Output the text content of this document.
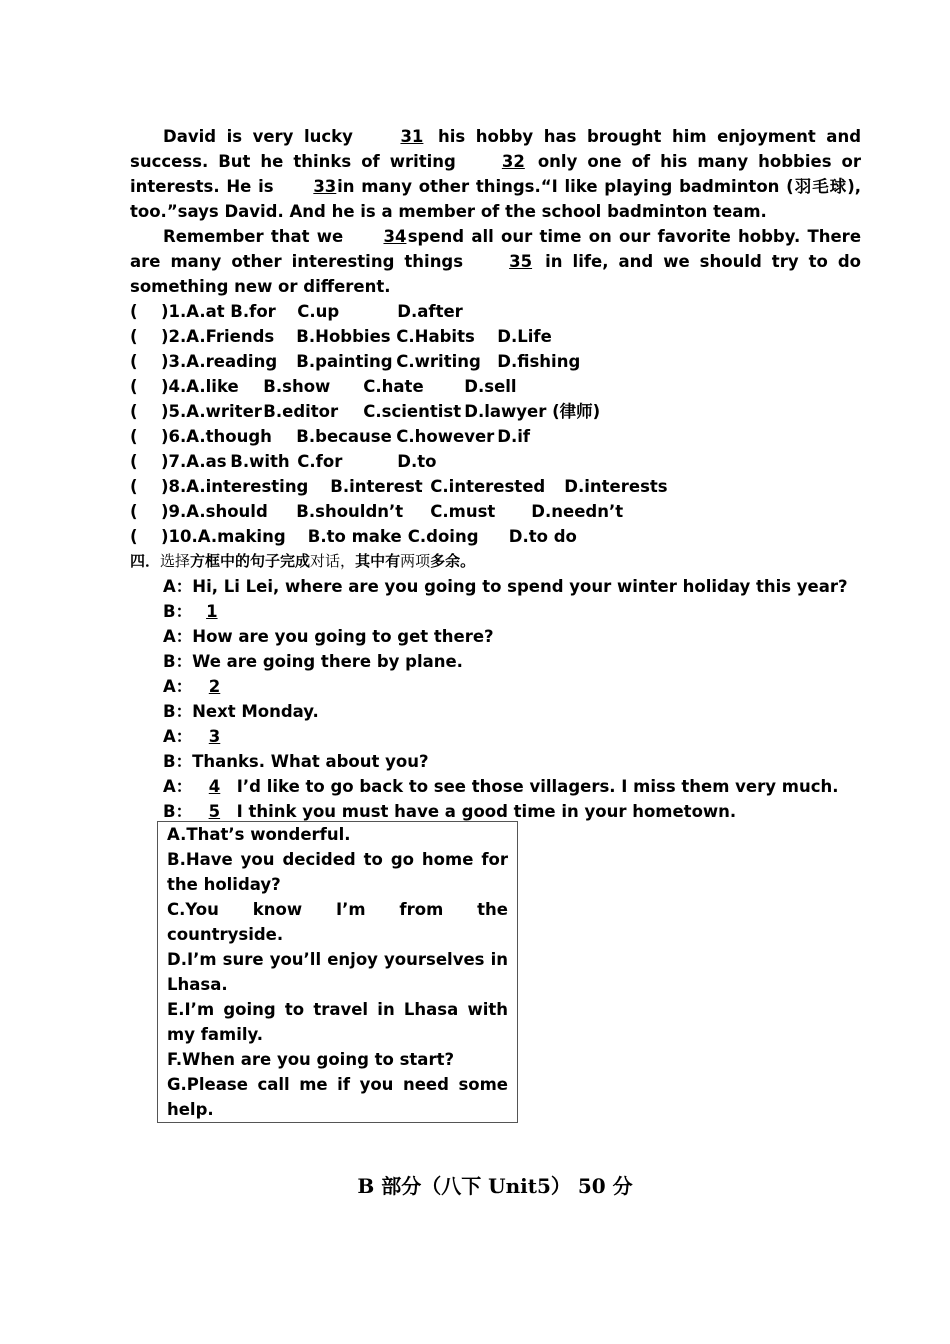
David is very lucky 31 his hobby has brought him enjoyment and success. But he thinks of writing 32 only one of his many hobbies or interests. He is 33 in many other things.“I like playing badminton (羽毛球), too.”says David. And he is a member of the school badminton team.

Remember that we 34 spend all our time on our favorite hobby. There are many other interesting things 35 in life, and we should try to do something new or different.

(	)1. A.at B.for	C.up	D.after
(	)2. A.Friends	B.Hobbies C.Habits	D.Life
(	)3. A.reading	B.painting C.writing D.fishing
(	)4. A.like	B.show	C.hate	D.sell
(	)5. A.writer B.editor	C.scientist D.lawyer (律师)
(	)6. A.though	B.because C.however D.if
(	)7. A.as B.with C.for	D.to
(	)8. A.interesting	B.interest C.interested	D.interests
(	)9. A.should	B.shouldn’t	C.must	D.needn’t
(	)10. A.making	B.to make C.doing	D.to do

四．选择方框中的句子完成对话，其中有两项多余。

A：Hi, Li Lei, where are you going to spend your winter holiday this year?
B： 1
A：How are you going to get there?
B：We are going there by plane.
A： 2
B：Next Monday.
A： 3
B：Thanks. What about you?
A： 4 I’d like to go back to see those villagers. I miss them very much.
B： 5 I think you must have a good time in your hometown.
A.That’s wonderful.
B.Have you decided to go home for the holiday?
C.You know I’m from the countryside.
D.I’m sure you’ll enjoy yourselves in Lhasa.
E.I’m going to travel in Lhasa with my family.
F.When are you going to start?
G.Please call me if you need some help.
B 部分（八下 Unit5） 50 分
